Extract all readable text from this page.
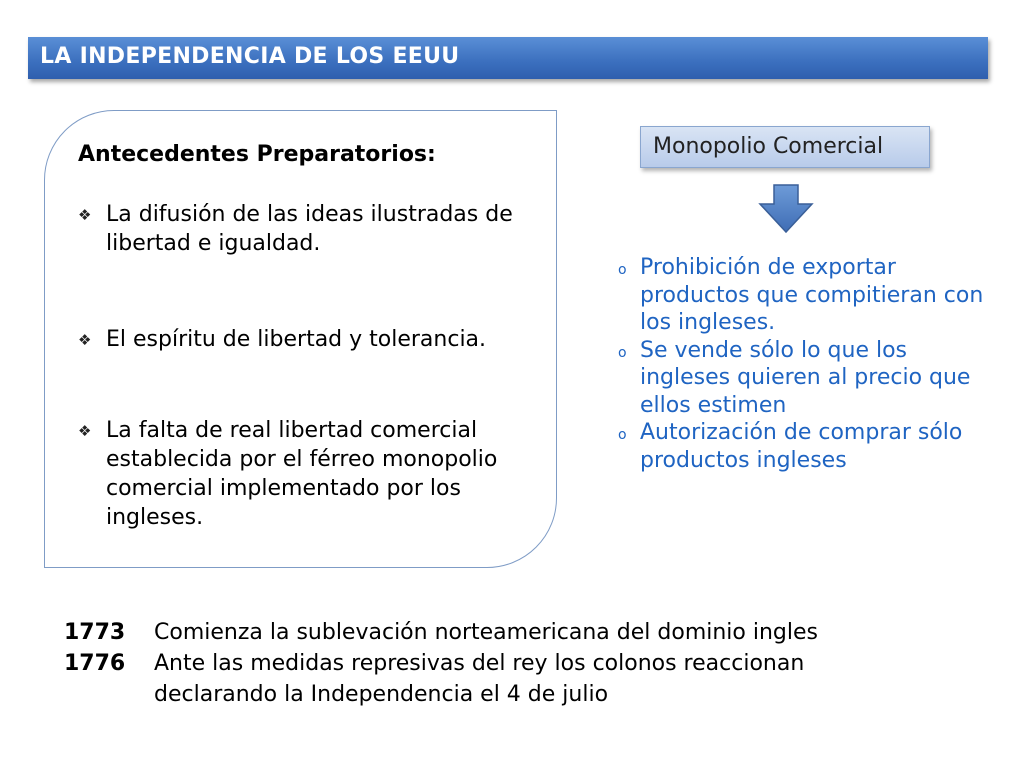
LA INDEPENDENCIA DE LOS EEUU
Antecedentes Preparatorios:
❖ La difusión de las ideas ilustradas de libertad e igualdad.
❖ El espíritu de libertad y tolerancia.
❖ La falta de real libertad comercial establecida por el férreo monopolio comercial implementado por los ingleses.
Monopolio Comercial
o Prohibición de exportar productos que compitieran con los ingleses.
o Se vende sólo lo que los ingleses quieren al precio que ellos estimen
o Autorización de comprar sólo productos ingleses
1773 Comienza la sublevación norteamericana del dominio ingles
1776 Ante las medidas represivas del rey los colonos reaccionan
declarando la Independencia el 4 de julio
